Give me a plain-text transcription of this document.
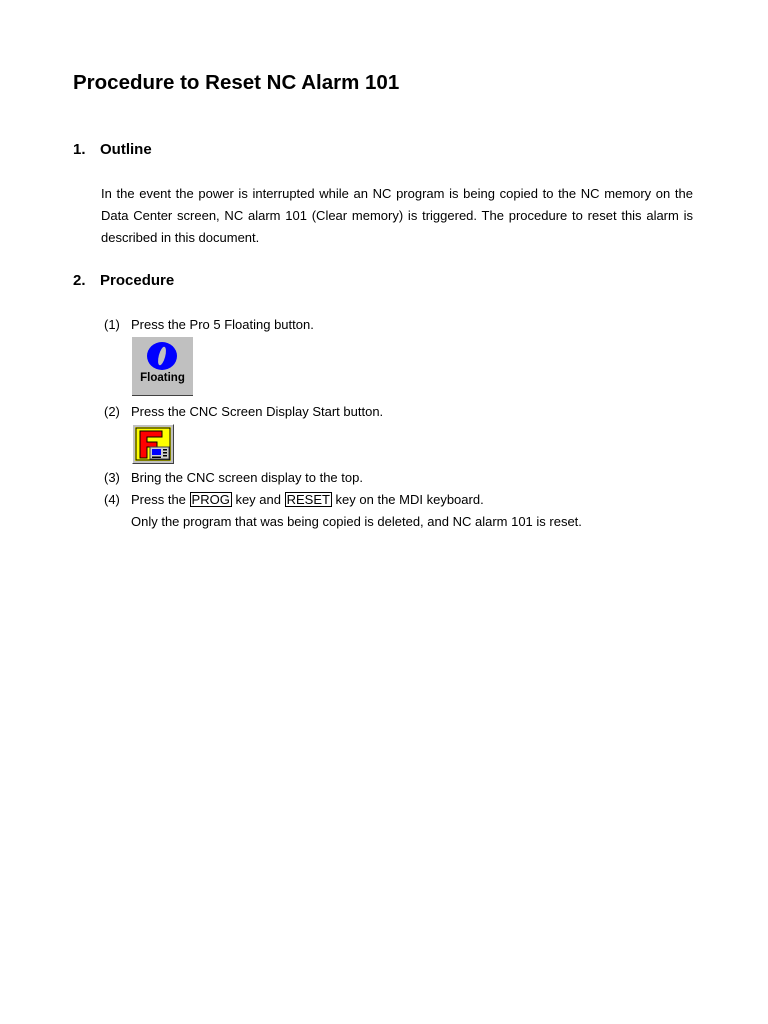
Procedure to Reset NC Alarm 101
1. Outline

In the event the power is interrupted while an NC program is being copied to the NC memory on the Data Center screen, NC alarm 101 (Clear memory) is triggered. The procedure to reset this alarm is described in this document.

2. Procedure
(1) Press the Pro 5 Floating button.
Floating
(2) Press the CNC Screen Display Start button.
(3) Bring the CNC screen display to the top.
(4) Press the PROG key and RESET key on the MDI keyboard.
Only the program that was being copied is deleted, and NC alarm 101 is reset.
